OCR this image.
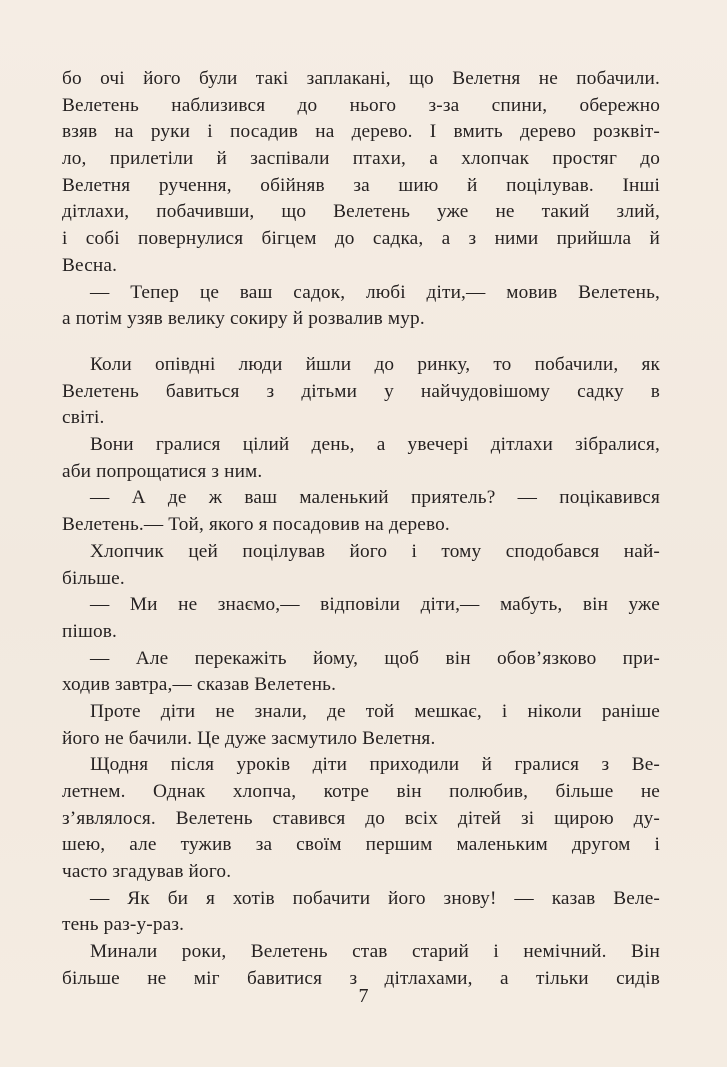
бо очі його були такі заплакані, що Велетня не побачили.
Велетень наблизився до нього з-за спини, обережно
взяв на руки і посадив на дерево. І вмить дерево розквіт-
ло, прилетіли й заспівали птахи, а хлопчак простяг до
Велетня ручення, обійняв за шию й поцілував. Інші
дітлахи, побачивши, що Велетень уже не такий злий,
і собі повернулися бігцем до садка, а з ними прийшла й
Весна.
— Тепер це ваш садок, любі діти,— мовив Велетень,
а потім узяв велику сокиру й розвалив мур.
Коли опівдні люди йшли до ринку, то побачили, як
Велетень бавиться з дітьми у найчудовішому садку в
світі.
Вони гралися цілий день, а увечері дітлахи зібралися,
аби попрощатися з ним.
— А де ж ваш маленький приятель? — поцікавився
Велетень.— Той, якого я посадовив на дерево.
Хлопчик цей поцілував його і тому сподобався най-
більше.
— Ми не знаємо,— відповіли діти,— мабуть, він уже
пішов.
— Але перекажіть йому, щоб він обов’язково при-
ходив завтра,— сказав Велетень.
Проте діти не знали, де той мешкає, і ніколи раніше
його не бачили. Це дуже засмутило Велетня.
Щодня після уроків діти приходили й гралися з Ве-
летнем. Однак хлопча, котре він полюбив, більше не
з’являлося. Велетень ставився до всіх дітей зі щирою ду-
шею, але тужив за своїм першим маленьким другом і
часто згадував його.
— Як би я хотів побачити його знову! — казав Веле-
тень раз-у-раз.
Минали роки, Велетень став старий і немічний. Він
більше не міг бавитися з дітлахами, а тільки сидів
7
